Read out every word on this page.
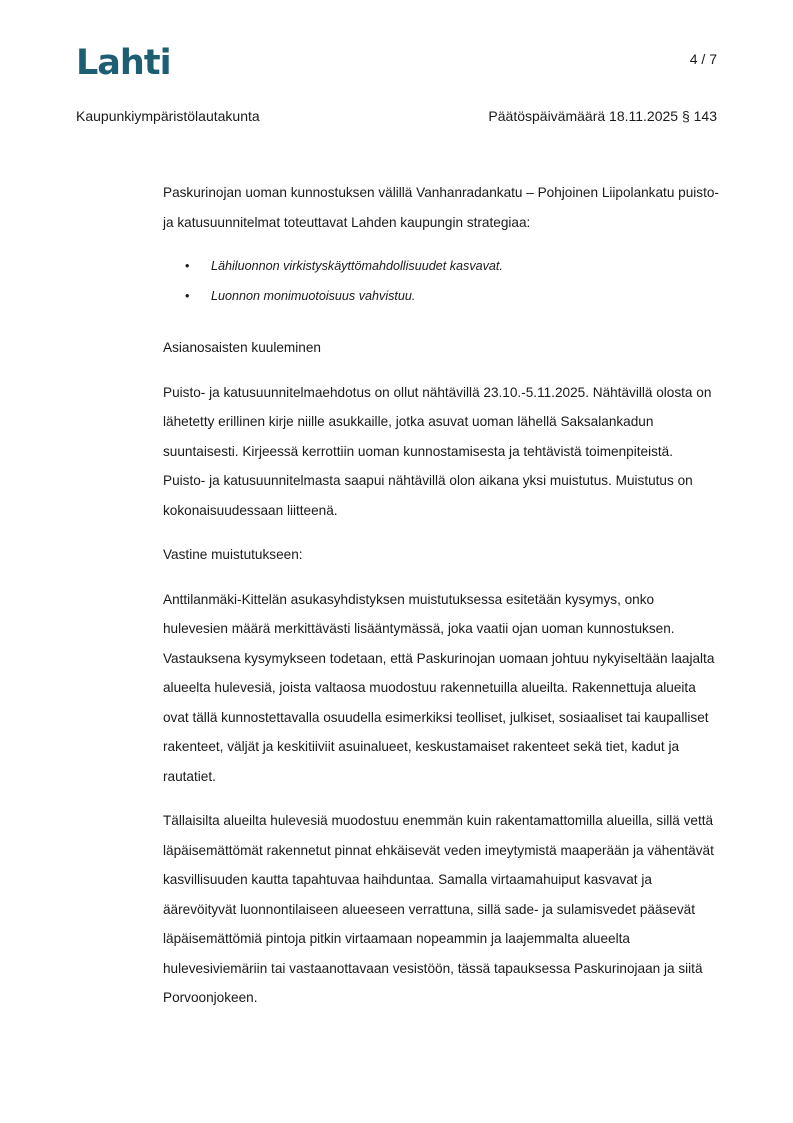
Lahti	4 / 7
Kaupunkiympäristölautakunta	Päätöspäivämäärä 18.11.2025 § 143

Paskurinojan uoman kunnostuksen välillä Vanhanradankatu – Pohjoinen Liipolankatu puisto- ja katusuunnitelmat toteuttavat Lahden kaupungin strategiaa:

• Lähiluonnon virkistyskäyttömahdollisuudet kasvavat.
• Luonnon monimuotoisuus vahvistuu.

Asianosaisten kuuleminen

Puisto- ja katusuunnitelmaehdotus on ollut nähtävillä 23.10.-5.11.2025. Nähtävillä olosta on lähetetty erillinen kirje niille asukkaille, jotka asuvat uoman lähellä Saksalankadun suuntaisesti. Kirjeessä kerrottiin uoman kunnostamisesta ja tehtävistä toimenpiteistä. Puisto- ja katusuunnitelmasta saapui nähtävillä olon aikana yksi muistutus. Muistutus on kokonaisuudessaan liitteenä.

Vastine muistutukseen:

Anttilanmäki-Kittelän asukasyhdistyksen muistutuksessa esitetään kysymys, onko hulevesien määrä merkittävästi lisääntymässä, joka vaatii ojan uoman kunnostuksen. Vastauksena kysymykseen todetaan, että Paskurinojan uomaan johtuu nykyiseltään laajalta alueelta hulevesiä, joista valtaosa muodostuu rakennetuilla alueilta. Rakennettuja alueita ovat tällä kunnostettavalla osuudella esimerkiksi teolliset, julkiset, sosiaaliset tai kaupalliset rakenteet, väljät ja keskitiiviit asuinalueet, keskustamaiset rakenteet sekä tiet, kadut ja rautatiet.

Tällaisilta alueilta hulevesiä muodostuu enemmän kuin rakentamattomilla alueilla, sillä vettä läpäisemättömät rakennetut pinnat ehkäisevät veden imeytymistä maaperään ja vähentävät kasvillisuuden kautta tapahtuvaa haihduntaa. Samalla virtaamahuiput kasvavat ja äärevöityvät luonnontilaiseen alueeseen verrattuna, sillä sade- ja sulamisvedet pääsevät läpäisemättömiä pintoja pitkin virtaamaan nopeammin ja laajemmalta alueelta hulevesiviemäriin tai vastaanottavaan vesistöön, tässä tapauksessa Paskurinojaan ja siitä Porvoonjokeen.
